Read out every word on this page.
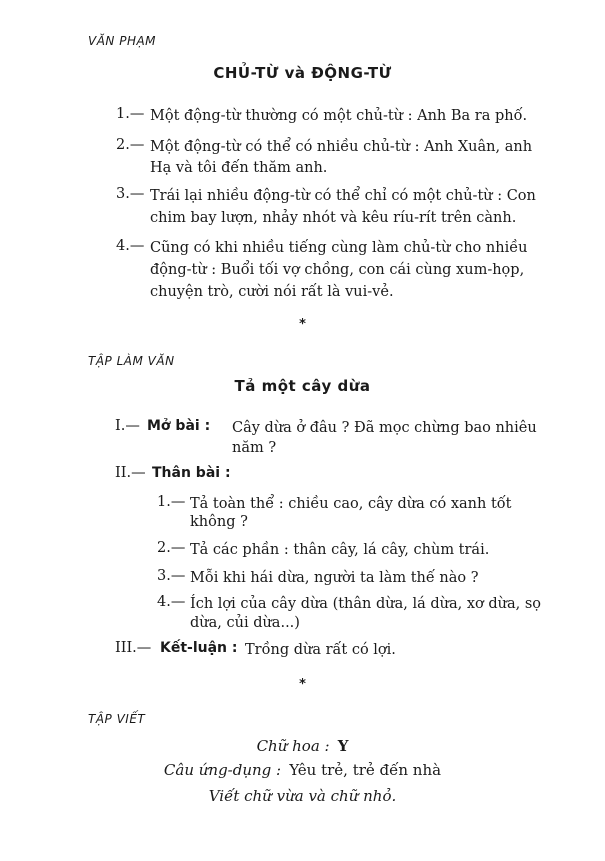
VĂN PHẠM
CHỦ-TỪ và ĐỘNG-TỪ
1.— Một động-từ thường có một chủ-từ : Anh Ba ra phố.
2.— Một động-từ có thể có nhiều chủ-từ : Anh Xuân, anh
Hạ và tôi đến thăm anh.
3.— Trái lại nhiều động-từ có thể chỉ có một chủ-từ : Con
chim bay lượn, nhảy nhót và kêu ríu-rít trên cành.
4.— Cũng có khi nhiều tiếng cùng làm chủ-từ cho nhiều
động-từ : Buổi tối vợ chồng, con cái cùng xum-họp,
chuyện trò, cười nói rất là vui-vẻ.
*
TẬP LÀM VĂN
Tả một cây dừa
I.— Mở bài : Cây dừa ở đâu ? Đã mọc chừng bao nhiêu
năm ?
II.— Thân bài :
1.— Tả toàn thể : chiều cao, cây dừa có xanh tốt
không ?
2.— Tả các phần : thân cây, lá cây, chùm trái.
3.— Mỗi khi hái dừa, người ta làm thế nào ?
4.— Ích lợi của cây dừa (thân dừa, lá dừa, xơ dừa, sọ
dừa, củi dừa...)
III.— Kết-luận : Trồng dừa rất có lợi.
*
TẬP VIẾT
Chữ hoa : Y
Câu ứng-dụng : Yêu trẻ, trẻ đến nhà
Viết chữ vừa và chữ nhỏ.
